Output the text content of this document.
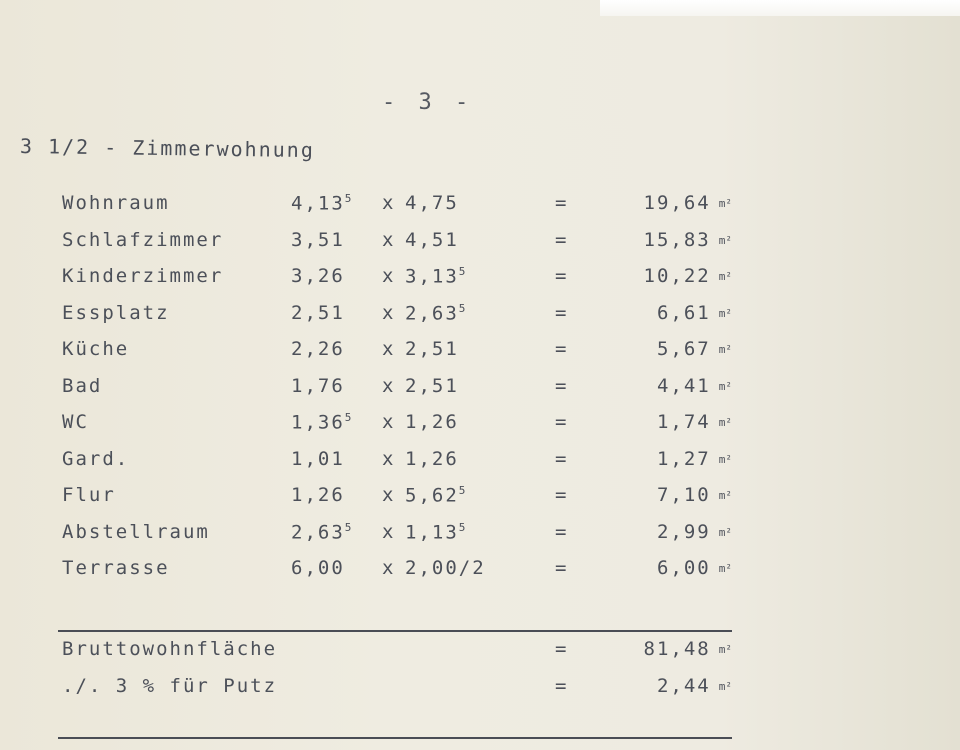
- 3 -
3 1/2 - Zimmerwohnung
Wohnraum	4,13$^5$ x 4,75	=	19,64 m²
Schlafzimmer	3,51 x 4,51	=	15,83 m²
Kinderzimmer	3,26 x $3,13^5$	=	10,22 m²
Essplatz	2,51 x $2,63^5$	=	6,61 m²
Küche	2,26 x 2,51	=	5,67 m²
Bad	1,76 x 2,51	=	4,41 m²
WC	1,36$^5$ x 1,26	=	1,74 m²
Gard.	1,01 x 1,26	=	1,27 m²
Flur	1,26 x $5,62^5$	=	7,10 m²
Abstellraum	2,63$^5$ x $1,13^5$	=	2,99 m²
Terrasse	6,00 x 2,00/2	=	6,00 m²
Bruttowohnfläche	=	81,48 m²
./. 3 % für Putz	=	2,44 m²
